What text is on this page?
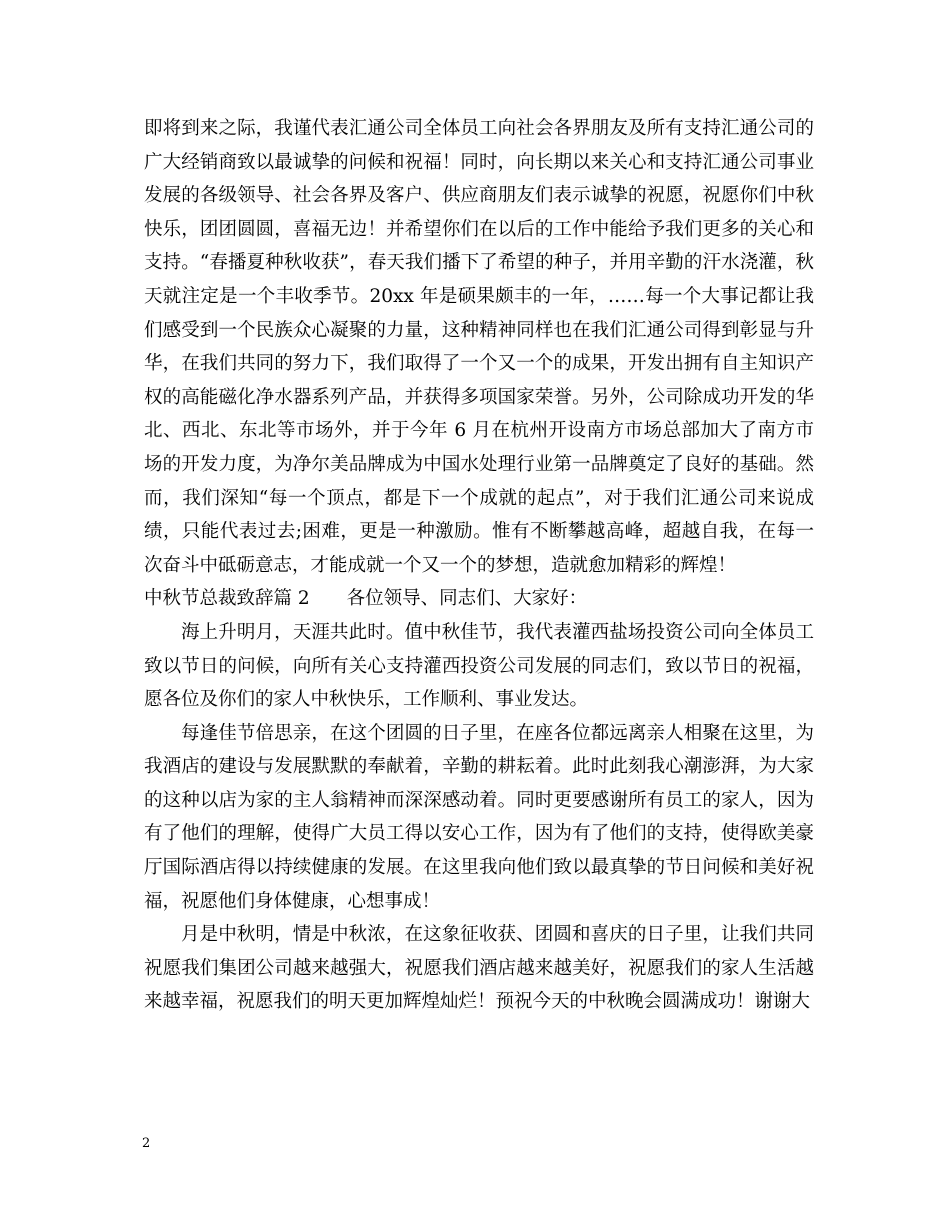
即将到来之际，我谨代表汇通公司全体员工向社会各界朋友及所有支持汇通公司的广大经销商致以最诚挚的问候和祝福！同时，向长期以来关心和支持汇通公司事业发展的各级领导、社会各界及客户、供应商朋友们表示诚挚的祝愿，祝愿你们中秋快乐，团团圆圆，喜福无边！并希望你们在以后的工作中能给予我们更多的关心和支持。“春播夏种秋收获”，春天我们播下了希望的种子，并用辛勤的汗水浇灌，秋天就注定是一个丰收季节。20xx 年是硕果颇丰的一年，……每一个大事记都让我们感受到一个民族众心凝聚的力量，这种精神同样也在我们汇通公司得到彰显与升华，在我们共同的努力下，我们取得了一个又一个的成果，开发出拥有自主知识产权的高能磁化净水器系列产品，并获得多项国家荣誉。另外，公司除成功开发的华北、西北、东北等市场外，并于今年 6 月在杭州开设南方市场总部加大了南方市场的开发力度，为净尔美品牌成为中国水处理行业第一品牌奠定了良好的基础。然而，我们深知“每一个顶点，都是下一个成就的起点”，对于我们汇通公司来说成绩，只能代表过去;困难，更是一种激励。惟有不断攀越高峰，超越自我，在每一次奋斗中砥砺意志，才能成就一个又一个的梦想，造就愈加精彩的辉煌！

中秋节总裁致辞篇 2　　各位领导、同志们、大家好：

海上升明月，天涯共此时。值中秋佳节，我代表灌西盐场投资公司向全体员工致以节日的问候，向所有关心支持灌西投资公司发展的同志们，致以节日的祝福，愿各位及你们的家人中秋快乐，工作顺利、事业发达。

每逢佳节倍思亲，在这个团圆的日子里，在座各位都远离亲人相聚在这里，为我酒店的建设与发展默默的奉献着，辛勤的耕耘着。此时此刻我心潮澎湃，为大家的这种以店为家的主人翁精神而深深感动着。同时更要感谢所有员工的家人，因为有了他们的理解，使得广大员工得以安心工作，因为有了他们的支持，使得欧美豪厅国际酒店得以持续健康的发展。在这里我向他们致以最真挚的节日问候和美好祝福，祝愿他们身体健康，心想事成！

月是中秋明，情是中秋浓，在这象征收获、团圆和喜庆的日子里，让我们共同祝愿我们集团公司越来越强大，祝愿我们酒店越来越美好，祝愿我们的家人生活越来越幸福，祝愿我们的明天更加辉煌灿烂！预祝今天的中秋晚会圆满成功！谢谢大

2
